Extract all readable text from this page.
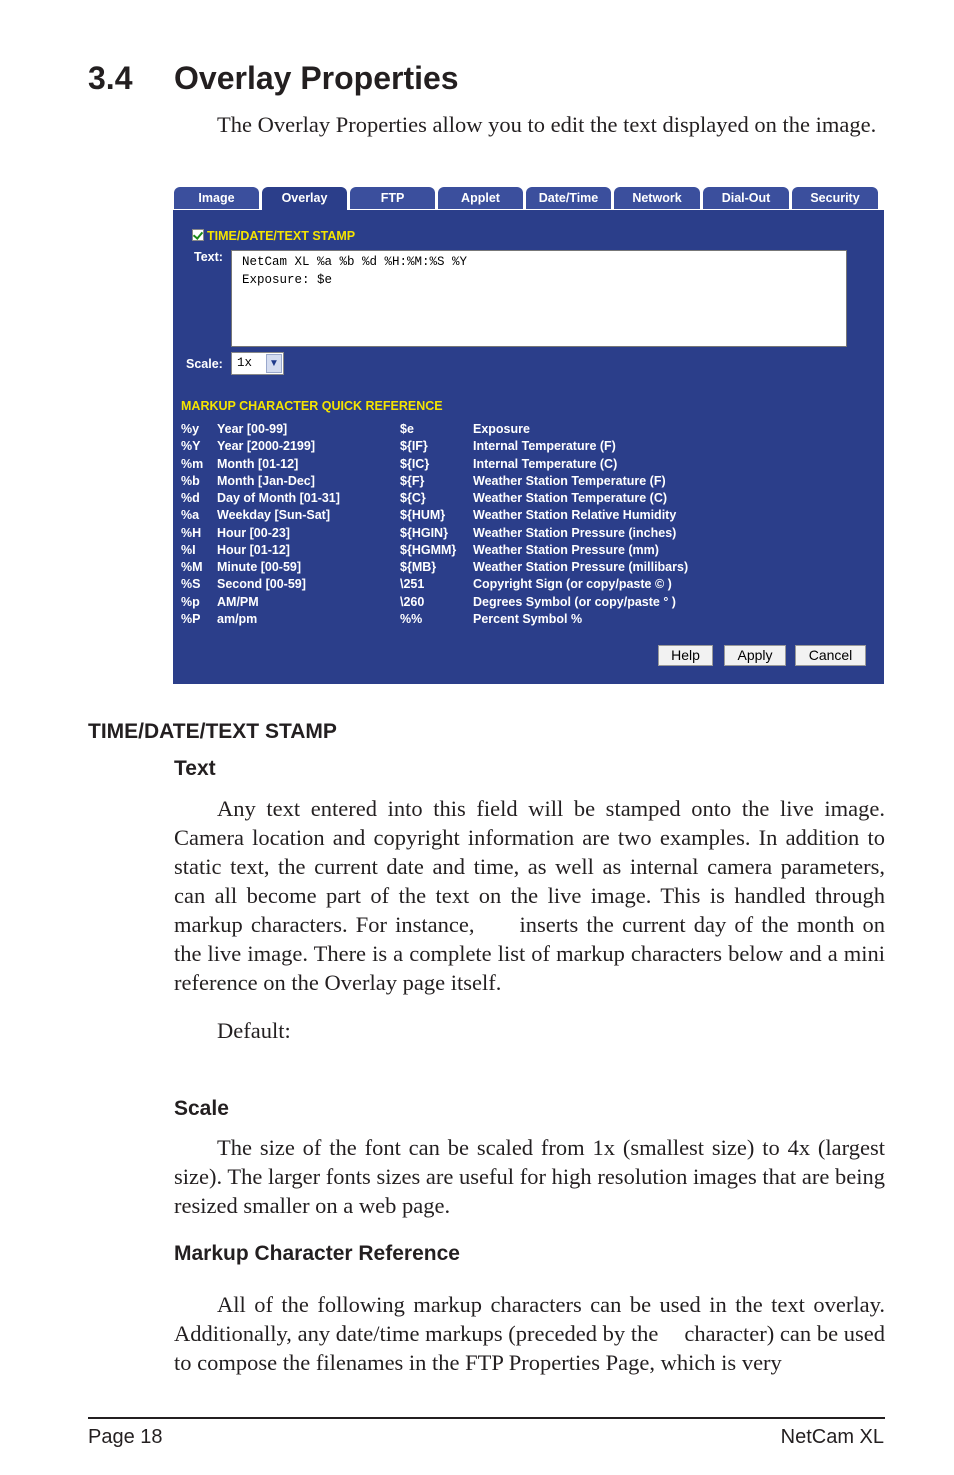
3.4 Overlay Properties

The Overlay Properties allow you to edit the text displayed on the image.

Image	Overlay	FTP	Applet	Date/Time	Network	Dial-Out	Security
TIME/DATE/TEXT STAMP
Text:	NetCam XL %a %b %d %H:%M:%S %Y
Exposure: $e
Scale: 1x	▼
MARKUP CHARACTER QUICK REFERENCE
%y Year [00-99]	$e	Exposure
%Y Year [2000-2199]	${IF}	Internal Temperature (F)
%m Month [01-12]	${IC}	Internal Temperature (C)
%b Month [Jan-Dec]	${F}	Weather Station Temperature (F)
%d Day of Month [01-31]	${C}	Weather Station Temperature (C)
%a Weekday [Sun-Sat]	${HUM} Weather Station Relative Humidity
%H Hour [00-23]	${HGIN} Weather Station Pressure (inches)
%I Hour [01-12]	${HGMM} Weather Station Pressure (mm)
%M Minute [00-59]	${MB}	Weather Station Pressure (millibars)
%S Second [00-59]	\251	Copyright Sign (or copy/paste © )
%p AM/PM	\260	Degrees Symbol (or copy/paste ° )
%P am/pm	%%	Percent Symbol %
Help	Apply	Cancel
TIME/DATE/TEXT STAMP
Text

Any text entered into this field will be stamped onto the live image. Camera location and copyright information are two examples. In addition to static text, the current date and time, as well as internal camera parameters, can all become part of the text on the live image. This is handled through markup characters. For instance, inserts the current day of the month on the live image. There is a complete list of markup characters below and a mini reference on the Overlay page itself.

Default:

Scale

The size of the font can be scaled from 1x (smallest size) to 4x (largest size). The larger fonts sizes are useful for high resolution images that are being resized smaller on a web page.

Markup Character Reference

All of the following markup characters can be used in the text overlay. Additionally, any date/time markups (preceded by the character) can be used to compose the filenames in the FTP Properties Page, which is very

Page 18	NetCam XL
